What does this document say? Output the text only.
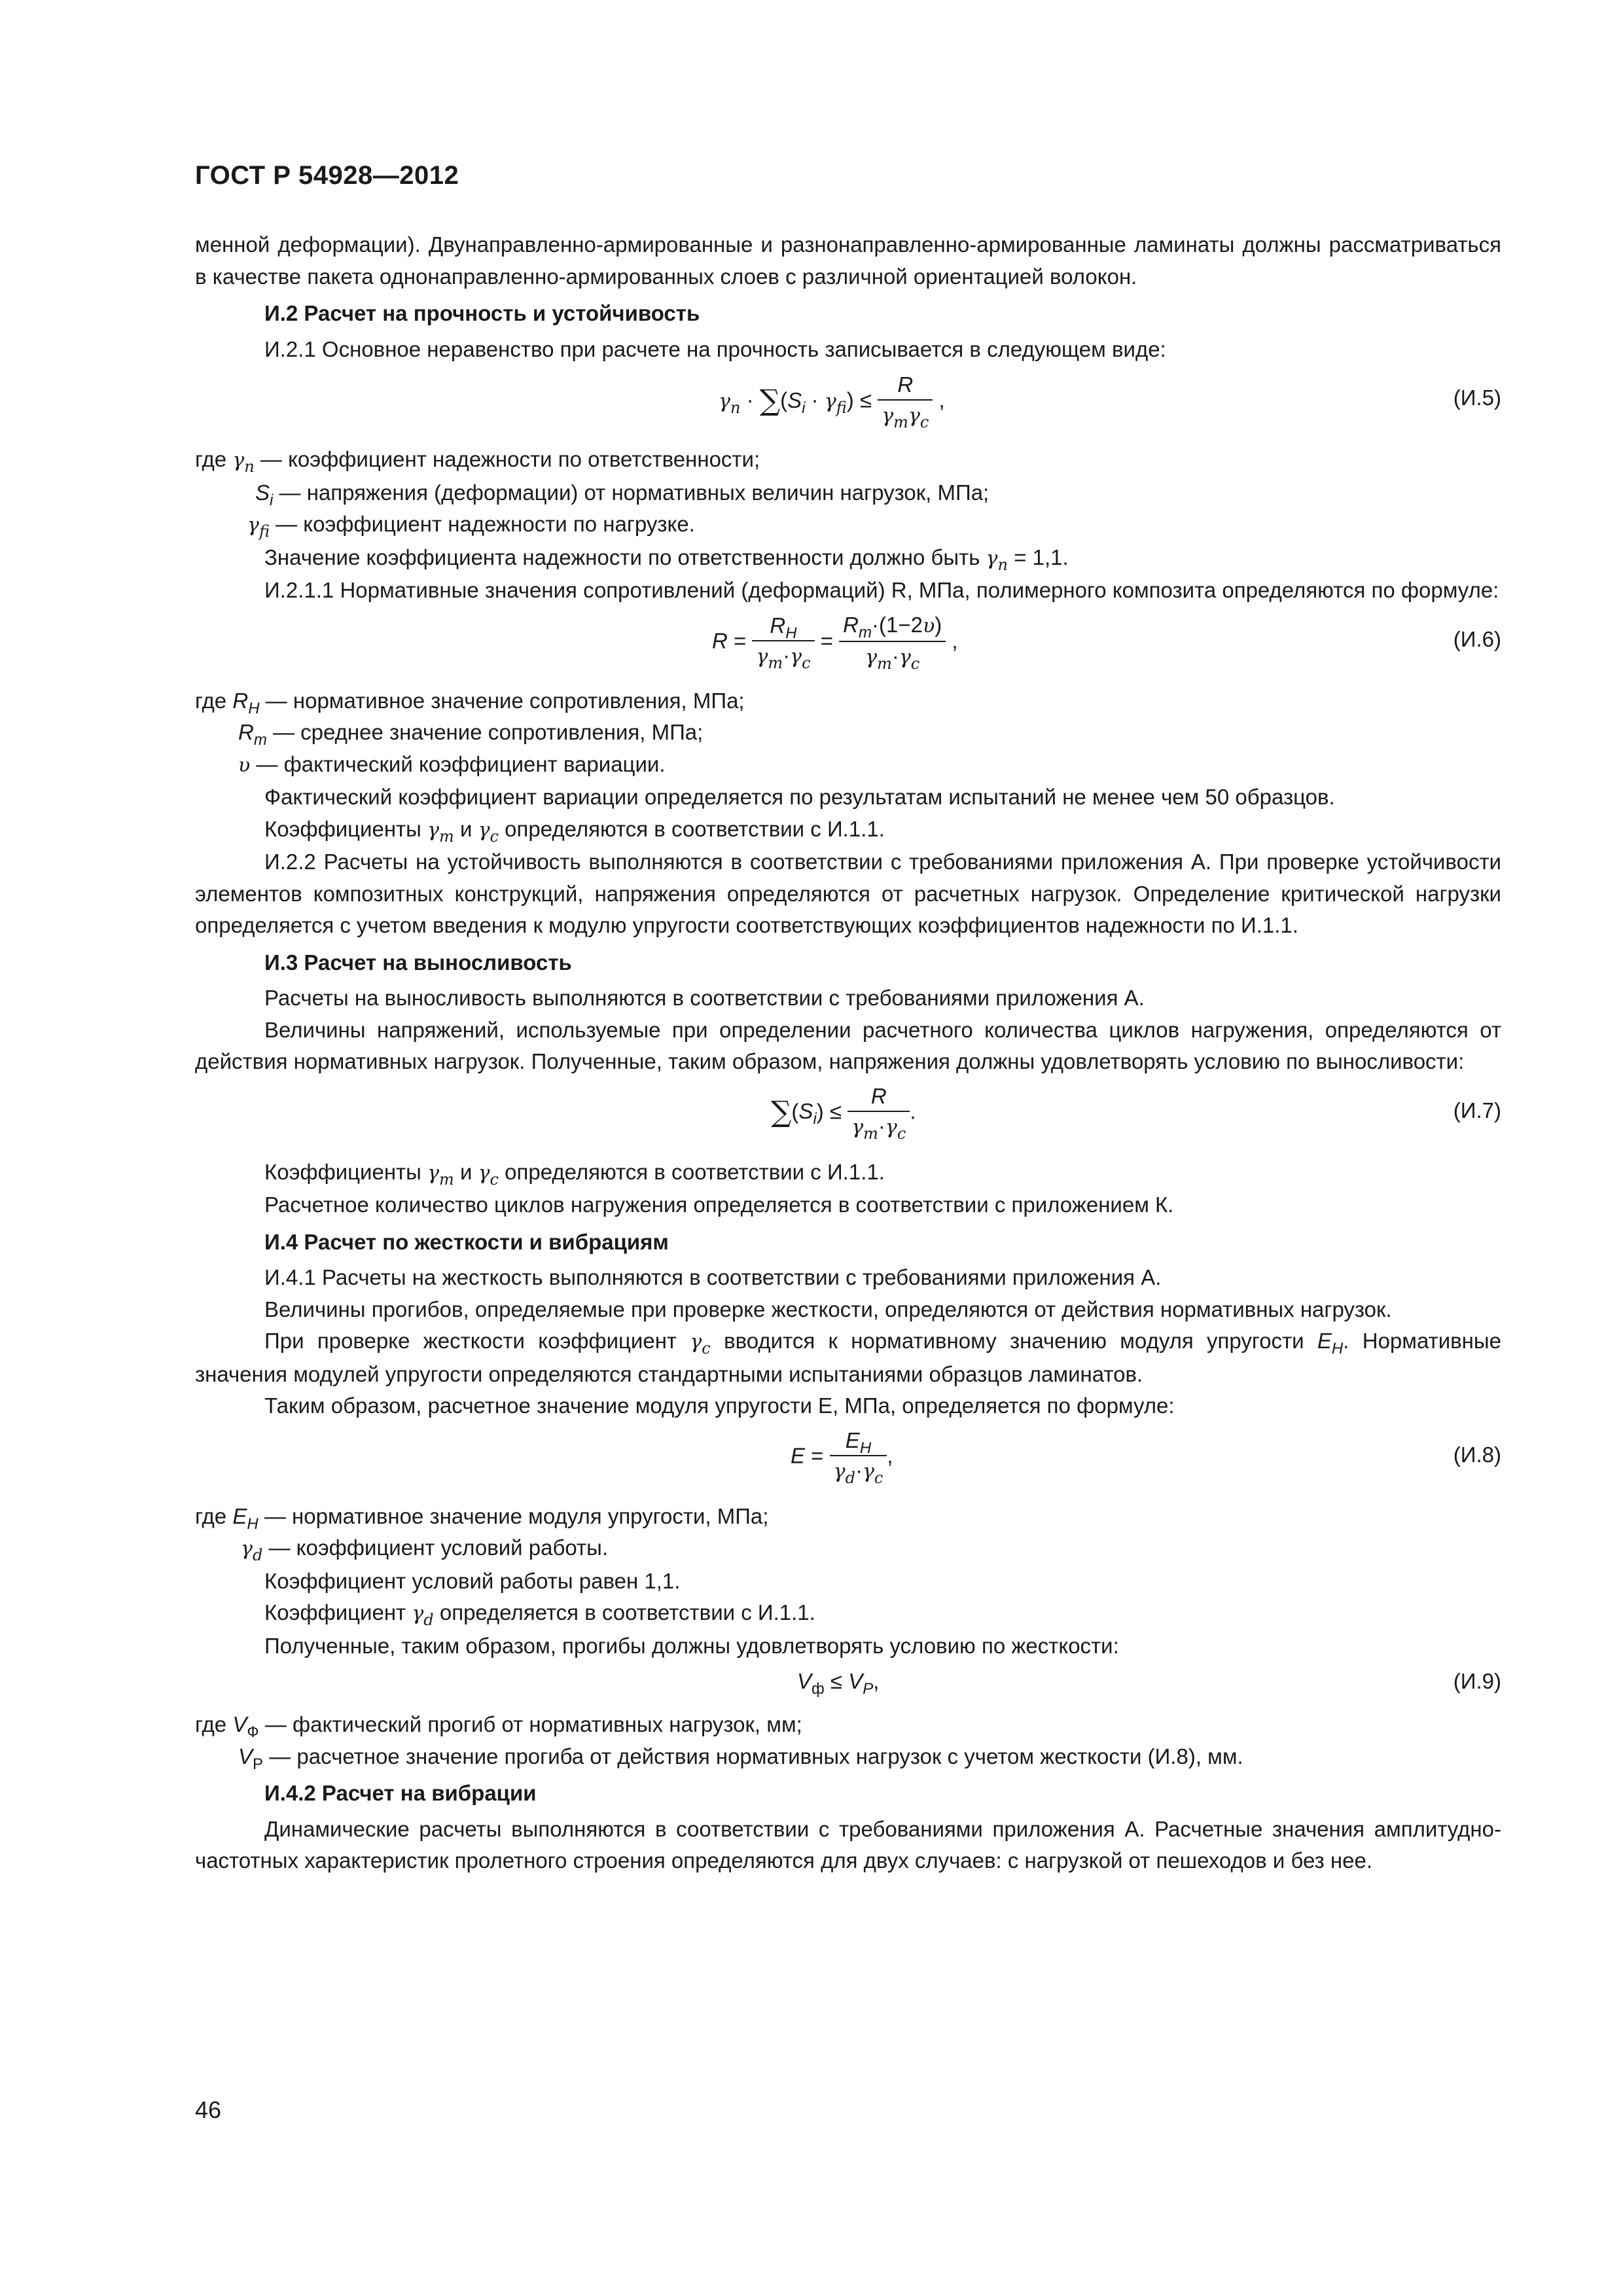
ГОСТ Р 54928—2012

менной деформации). Двунаправленно-армированные и разнонаправленно-армированные ламинаты должны рассматриваться в качестве пакета однонаправленно-армированных слоев с различной ориентацией волокон.

И.2 Расчет на прочность и устойчивость

И.2.1 Основное неравенство при расчете на прочность записывается в следующем виде:

$\gamma_n \cdot \sum(S_i \cdot \gamma_{fi}) \le \frac{R}{\gamma_m\gamma_c}$ ,	(И.5)

где $\gamma_n$ — коэффициент надежности по ответственности;

$S_i$ — напряжения (деформации) от нормативных величин нагрузок, МПа;

$\gamma_{fi}$ — коэффициент надежности по нагрузке.

Значение коэффициента надежности по ответственности должно быть $\gamma_n = 1,1$.

И.2.1.1 Нормативные значения сопротивлений (деформаций) R, МПа, полимерного композита определяются по формуле:

$R = \frac{R_H}{\gamma_m\cdot\gamma_c} = \frac{R_m\cdot(1-2\upsilon)}{\gamma_m\cdot\gamma_c}$ ,	(И.6)

где $R_H$ — нормативное значение сопротивления, МПа;

$R_m$ — среднее значение сопротивления, МПа;

υ — фактический коэффициент вариации.

Фактический коэффициент вариации определяется по результатам испытаний не менее чем 50 образцов.

Коэффициенты $\gamma_m$ и $\gamma_c$ определяются в соответствии с И.1.1.

И.2.2 Расчеты на устойчивость выполняются в соответствии с требованиями приложения А. При проверке устойчивости элементов композитных конструкций, напряжения определяются от расчетных нагрузок. Определение критической нагрузки определяется с учетом введения к модулю упругости соответствующих коэффициентов надежности по И.1.1.

И.3 Расчет на выносливость

Расчеты на выносливость выполняются в соответствии с требованиями приложения А.

Величины напряжений, используемые при определении расчетного количества циклов нагружения, определяются от действия нормативных нагрузок. Полученные, таким образом, напряжения должны удовлетворять условию по выносливости:

$\sum(S_i) \le \frac{R}{\gamma_m\cdot\gamma_c}$ .	(И.7)

Коэффициенты $\gamma_m$ и $\gamma_c$ определяются в соответствии с И.1.1.

Расчетное количество циклов нагружения определяется в соответствии с приложением К.

И.4 Расчет по жесткости и вибрациям

И.4.1 Расчеты на жесткость выполняются в соответствии с требованиями приложения А.

Величины прогибов, определяемые при проверке жесткости, определяются от действия нормативных нагрузок.

При проверке жесткости коэффициент $\gamma_c$ вводится к нормативному значению модуля упругости $E_H$. Нормативные значения модулей упругости определяются стандартными испытаниями образцов ламинатов.

Таким образом, расчетное значение модуля упругости E, МПа, определяется по формуле:

$E = \frac{E_H}{\gamma_d\cdot\gamma_c}$ ,	(И.8)

где $E_H$ — нормативное значение модуля упругости, МПа;

$\gamma_d$ — коэффициент условий работы.

Коэффициент условий работы равен 1,1.

Коэффициент $\gamma_d$ определяется в соответствии с И.1.1.

Полученные, таким образом, прогибы должны удовлетворять условию по жесткости:

$V_ф \le V_P$,	(И.9)

где $V_Ф$ — фактический прогиб от нормативных нагрузок, мм;

$V_Р$ — расчетное значение прогиба от действия нормативных нагрузок с учетом жесткости (И.8), мм.

И.4.2 Расчет на вибрации

Динамические расчеты выполняются в соответствии с требованиями приложения А. Расчетные значения амплитудно-частотных характеристик пролетного строения определяются для двух случаев: с нагрузкой от пешеходов и без нее.

46
